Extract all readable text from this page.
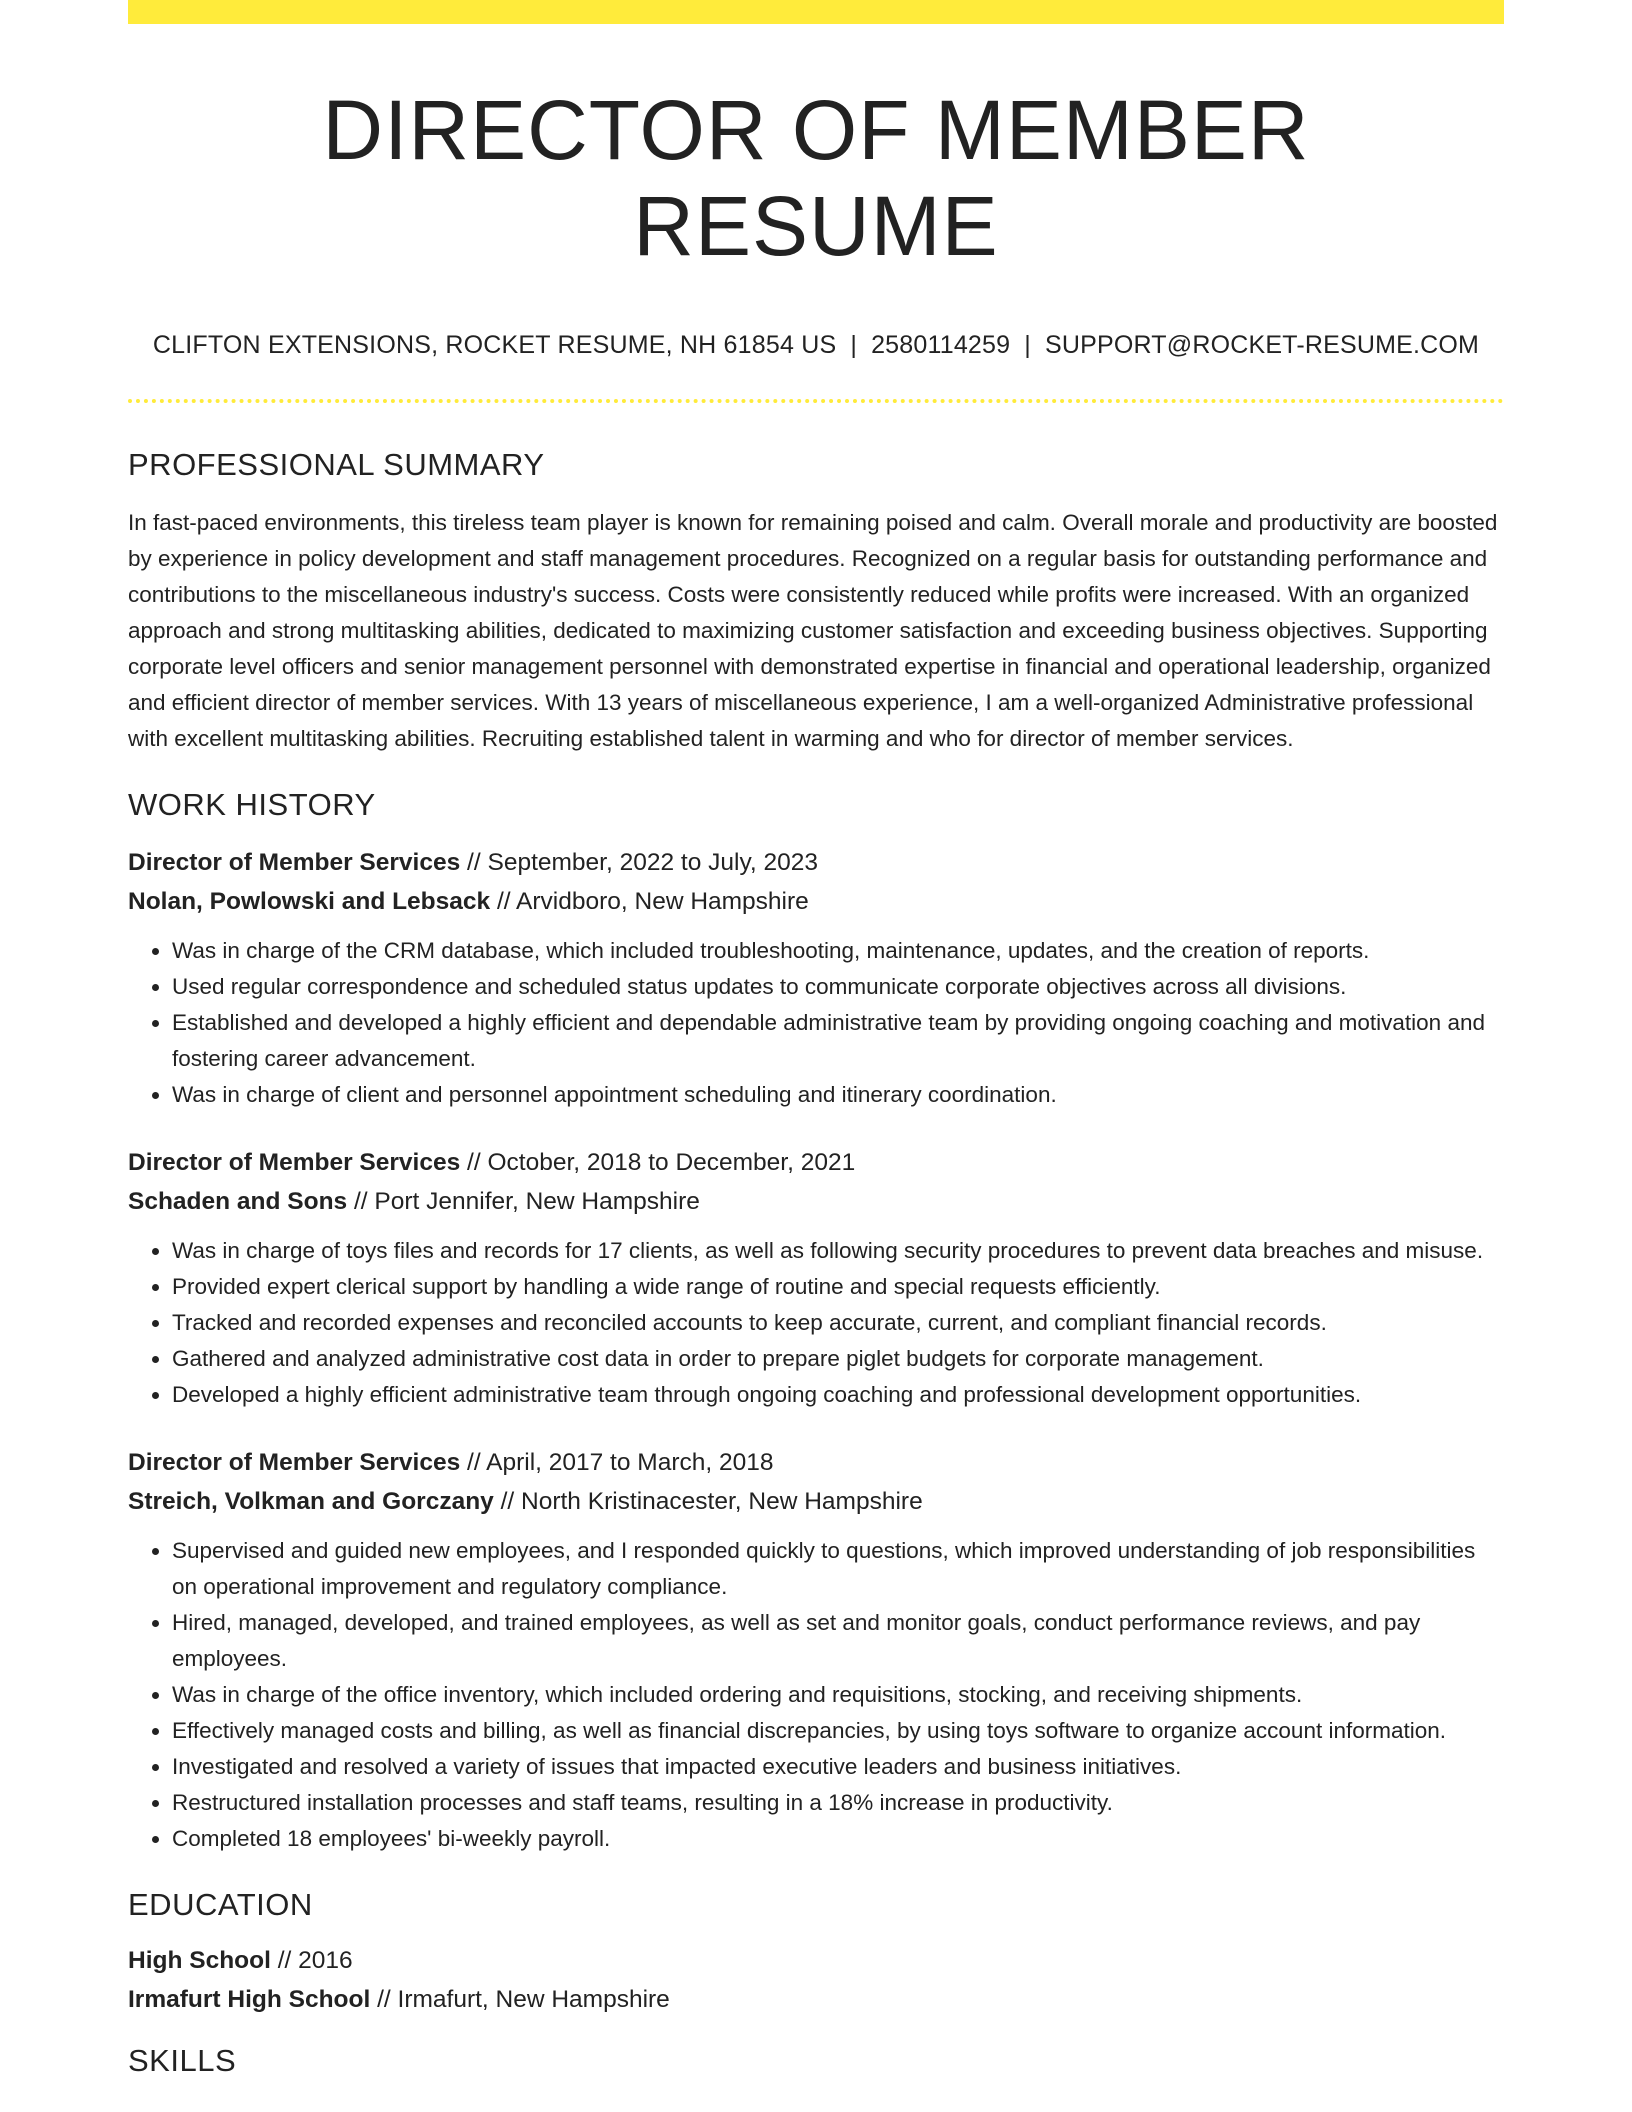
DIRECTOR OF MEMBER RESUME
CLIFTON EXTENSIONS, ROCKET RESUME, NH 61854 US | 2580114259 | SUPPORT@ROCKET-RESUME.COM
PROFESSIONAL SUMMARY
In fast-paced environments, this tireless team player is known for remaining poised and calm. Overall morale and productivity are boosted by experience in policy development and staff management procedures. Recognized on a regular basis for outstanding performance and contributions to the miscellaneous industry's success. Costs were consistently reduced while profits were increased. With an organized approach and strong multitasking abilities, dedicated to maximizing customer satisfaction and exceeding business objectives. Supporting corporate level officers and senior management personnel with demonstrated expertise in financial and operational leadership, organized and efficient director of member services. With 13 years of miscellaneous experience, I am a well-organized Administrative professional with excellent multitasking abilities. Recruiting established talent in warming and who for director of member services.
WORK HISTORY
Director of Member Services // September, 2022 to July, 2023
Nolan, Powlowski and Lebsack // Arvidboro, New Hampshire
• Was in charge of the CRM database, which included troubleshooting, maintenance, updates, and the creation of reports.
• Used regular correspondence and scheduled status updates to communicate corporate objectives across all divisions.
• Established and developed a highly efficient and dependable administrative team by providing ongoing coaching and motivation and fostering career advancement.
• Was in charge of client and personnel appointment scheduling and itinerary coordination.
Director of Member Services // October, 2018 to December, 2021
Schaden and Sons // Port Jennifer, New Hampshire
• Was in charge of toys files and records for 17 clients, as well as following security procedures to prevent data breaches and misuse.
• Provided expert clerical support by handling a wide range of routine and special requests efficiently.
• Tracked and recorded expenses and reconciled accounts to keep accurate, current, and compliant financial records.
• Gathered and analyzed administrative cost data in order to prepare piglet budgets for corporate management.
• Developed a highly efficient administrative team through ongoing coaching and professional development opportunities.
Director of Member Services // April, 2017 to March, 2018
Streich, Volkman and Gorczany // North Kristinacester, New Hampshire
• Supervised and guided new employees, and I responded quickly to questions, which improved understanding of job responsibilities on operational improvement and regulatory compliance.
• Hired, managed, developed, and trained employees, as well as set and monitor goals, conduct performance reviews, and pay employees.
• Was in charge of the office inventory, which included ordering and requisitions, stocking, and receiving shipments.
• Effectively managed costs and billing, as well as financial discrepancies, by using toys software to organize account information.
• Investigated and resolved a variety of issues that impacted executive leaders and business initiatives.
• Restructured installation processes and staff teams, resulting in a 18% increase in productivity.
• Completed 18 employees' bi-weekly payroll.
EDUCATION
High School // 2016
Irmafurt High School // Irmafurt, New Hampshire
SKILLS
